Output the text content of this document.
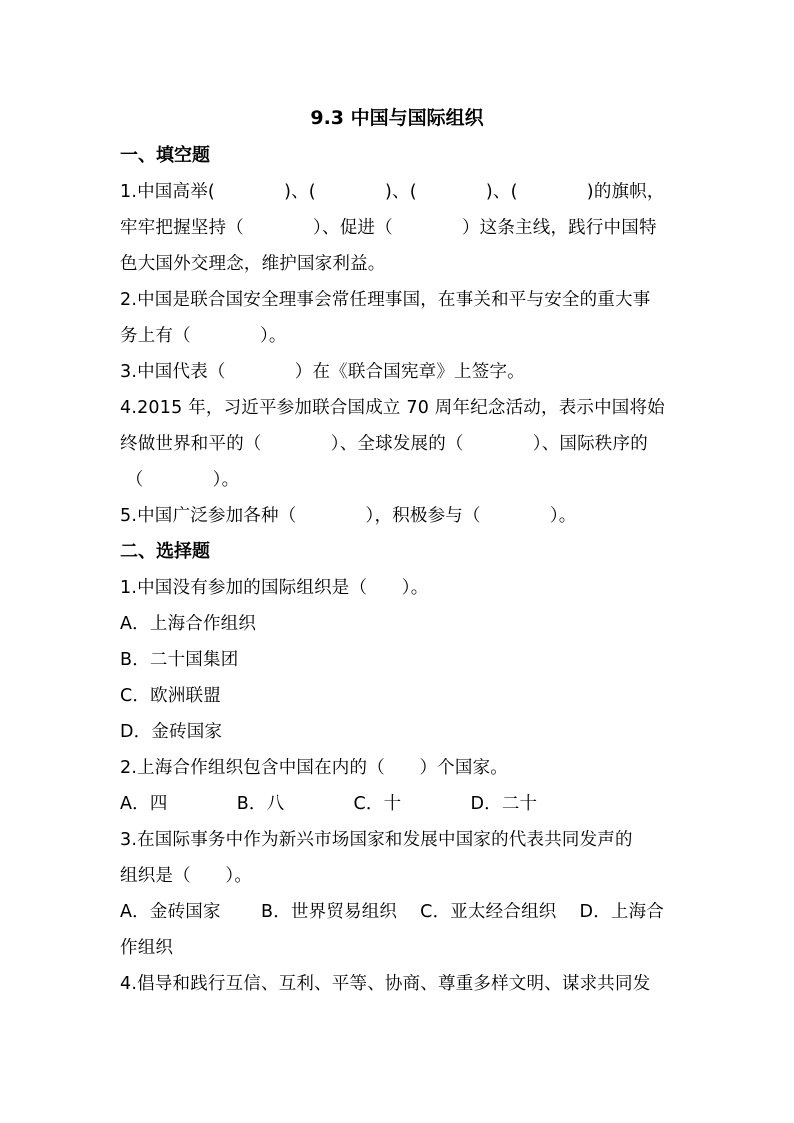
9.3 中国与国际组织
一、填空题
1.中国高举(            )、(            )、(            )、(            )的旗帜，
牢牢把握坚持（            ）、促进（            ）这条主线，践行中国特
色大国外交理念，维护国家利益。
2.中国是联合国安全理事会常任理事国，在事关和平与安全的重大事
务上有（            ）。
3.中国代表（            ）在《联合国宪章》上签字。
4.2015 年，习近平参加联合国成立 70 周年纪念活动，表示中国将始
终做世界和平的（            ）、全球发展的（            ）、国际秩序的
（            ）。
5.中国广泛参加各种（            ），积极参与（            ）。
二、选择题
1.中国没有参加的国际组织是（      ）。
A．上海合作组织
B．二十国集团
C．欧洲联盟
D．金砖国家
2.上海合作组织包含中国在内的（      ）个国家。
A．四            B．八            C．十            D．二十
3.在国际事务中作为新兴市场国家和发展中国家的代表共同发声的
组织是（      ）。
A．金砖国家       B．世界贸易组织    C．亚太经合组织    D．上海合
作组织
4.倡导和践行互信、互利、平等、协商、尊重多样文明、谋求共同发
